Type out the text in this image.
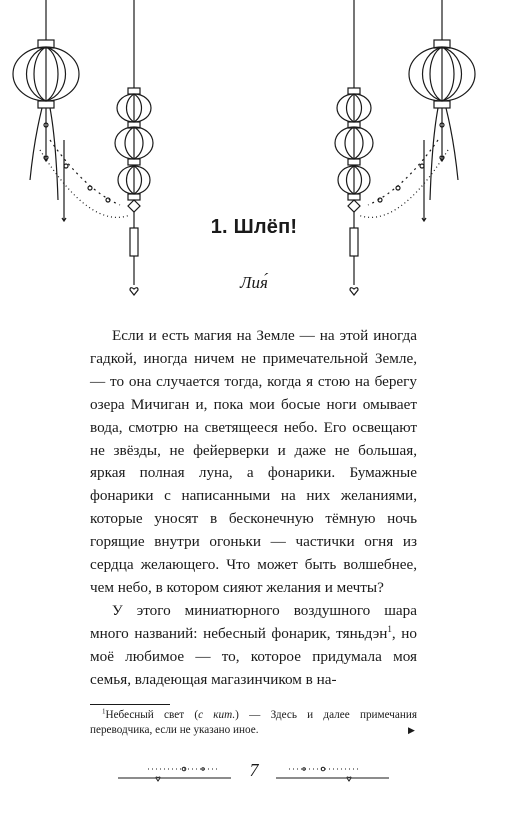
1. Шлёп!
Лия́

Если и есть магия на Земле — на этой иногда гадкой, иногда ничем не примечательной Земле, — то она случается тогда, когда я стою на берегу озера Мичиган и, пока мои босые ноги омывает вода, смотрю на светящееся небо. Его освещают не звёзды, не фейерверки и даже не большая, яркая полная луна, а фонарики. Бумажные фонарики с написанными на них желаниями, которые уносят в бесконечную тёмную ночь горящие внутри огоньки — частички огня из сердца желающего. Что может быть волшебнее, чем небо, в котором сияют желания и мечты?

У этого миниатюрного воздушного шара много названий: небесный фонарик, тяньдэн$^1$, но моё любимое — то, которое придумала моя семья, владеющая магазинчиком в на-

$^1$Небесный свет (с кит.) — Здесь и далее примечания переводчика, если не указано иное.	▶
7
